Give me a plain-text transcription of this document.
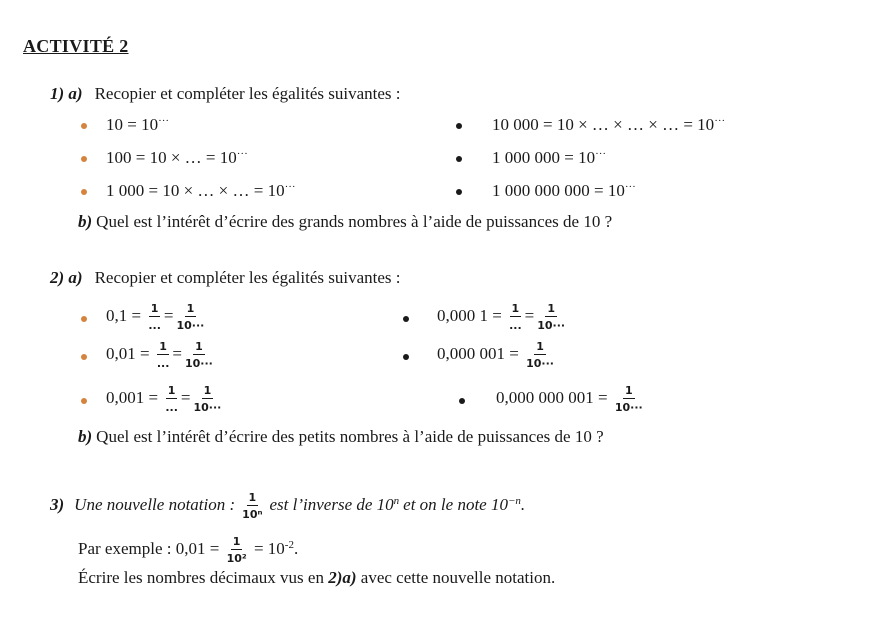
ACTIVITÉ 2
1) a) Recopier et compléter les égalités suivantes :
10 = 10···
100 = 10 × … = 10···
1 000 = 10 × … × … = 10···
10 000 = 10 × … × … × … = 10···
1 000 000 = 10···
1 000 000 000 = 10···
b) Quel est l’intérêt d’écrire des grands nombres à l’aide de puissances de 10 ?
2) a) Recopier et compléter les égalités suivantes :
$0,1 = \frac{1}{...} = \frac{1}{10\cdot\cdot\cdot}$
$0,01 = \frac{1}{...} = \frac{1}{10\cdot\cdot\cdot}$
$0,001 = \frac{1}{...} = \frac{1}{10\cdot\cdot\cdot}$
0,000 $1 = \frac{1}{...} = \frac{1}{10\cdot\cdot\cdot}$
0,000 $001 = \frac{1}{10\cdot\cdot\cdot}$
0,000 000 $001 = \frac{1}{10\cdot\cdot\cdot}$
b) Quel est l’intérêt d’écrire des petits nombres à l’aide de puissances de 10 ?
3) Une nouvelle notation : $\frac{1}{\text{10ⁿ}}$ est l’inverse de 10$^n$ et on le note $10^{-n}$.
Par exemple : $0,01 = \frac{1}{\text{10²}} = 10^{-2}$.
Écrire les nombres décimaux vus en 2)a) avec cette nouvelle notation.
